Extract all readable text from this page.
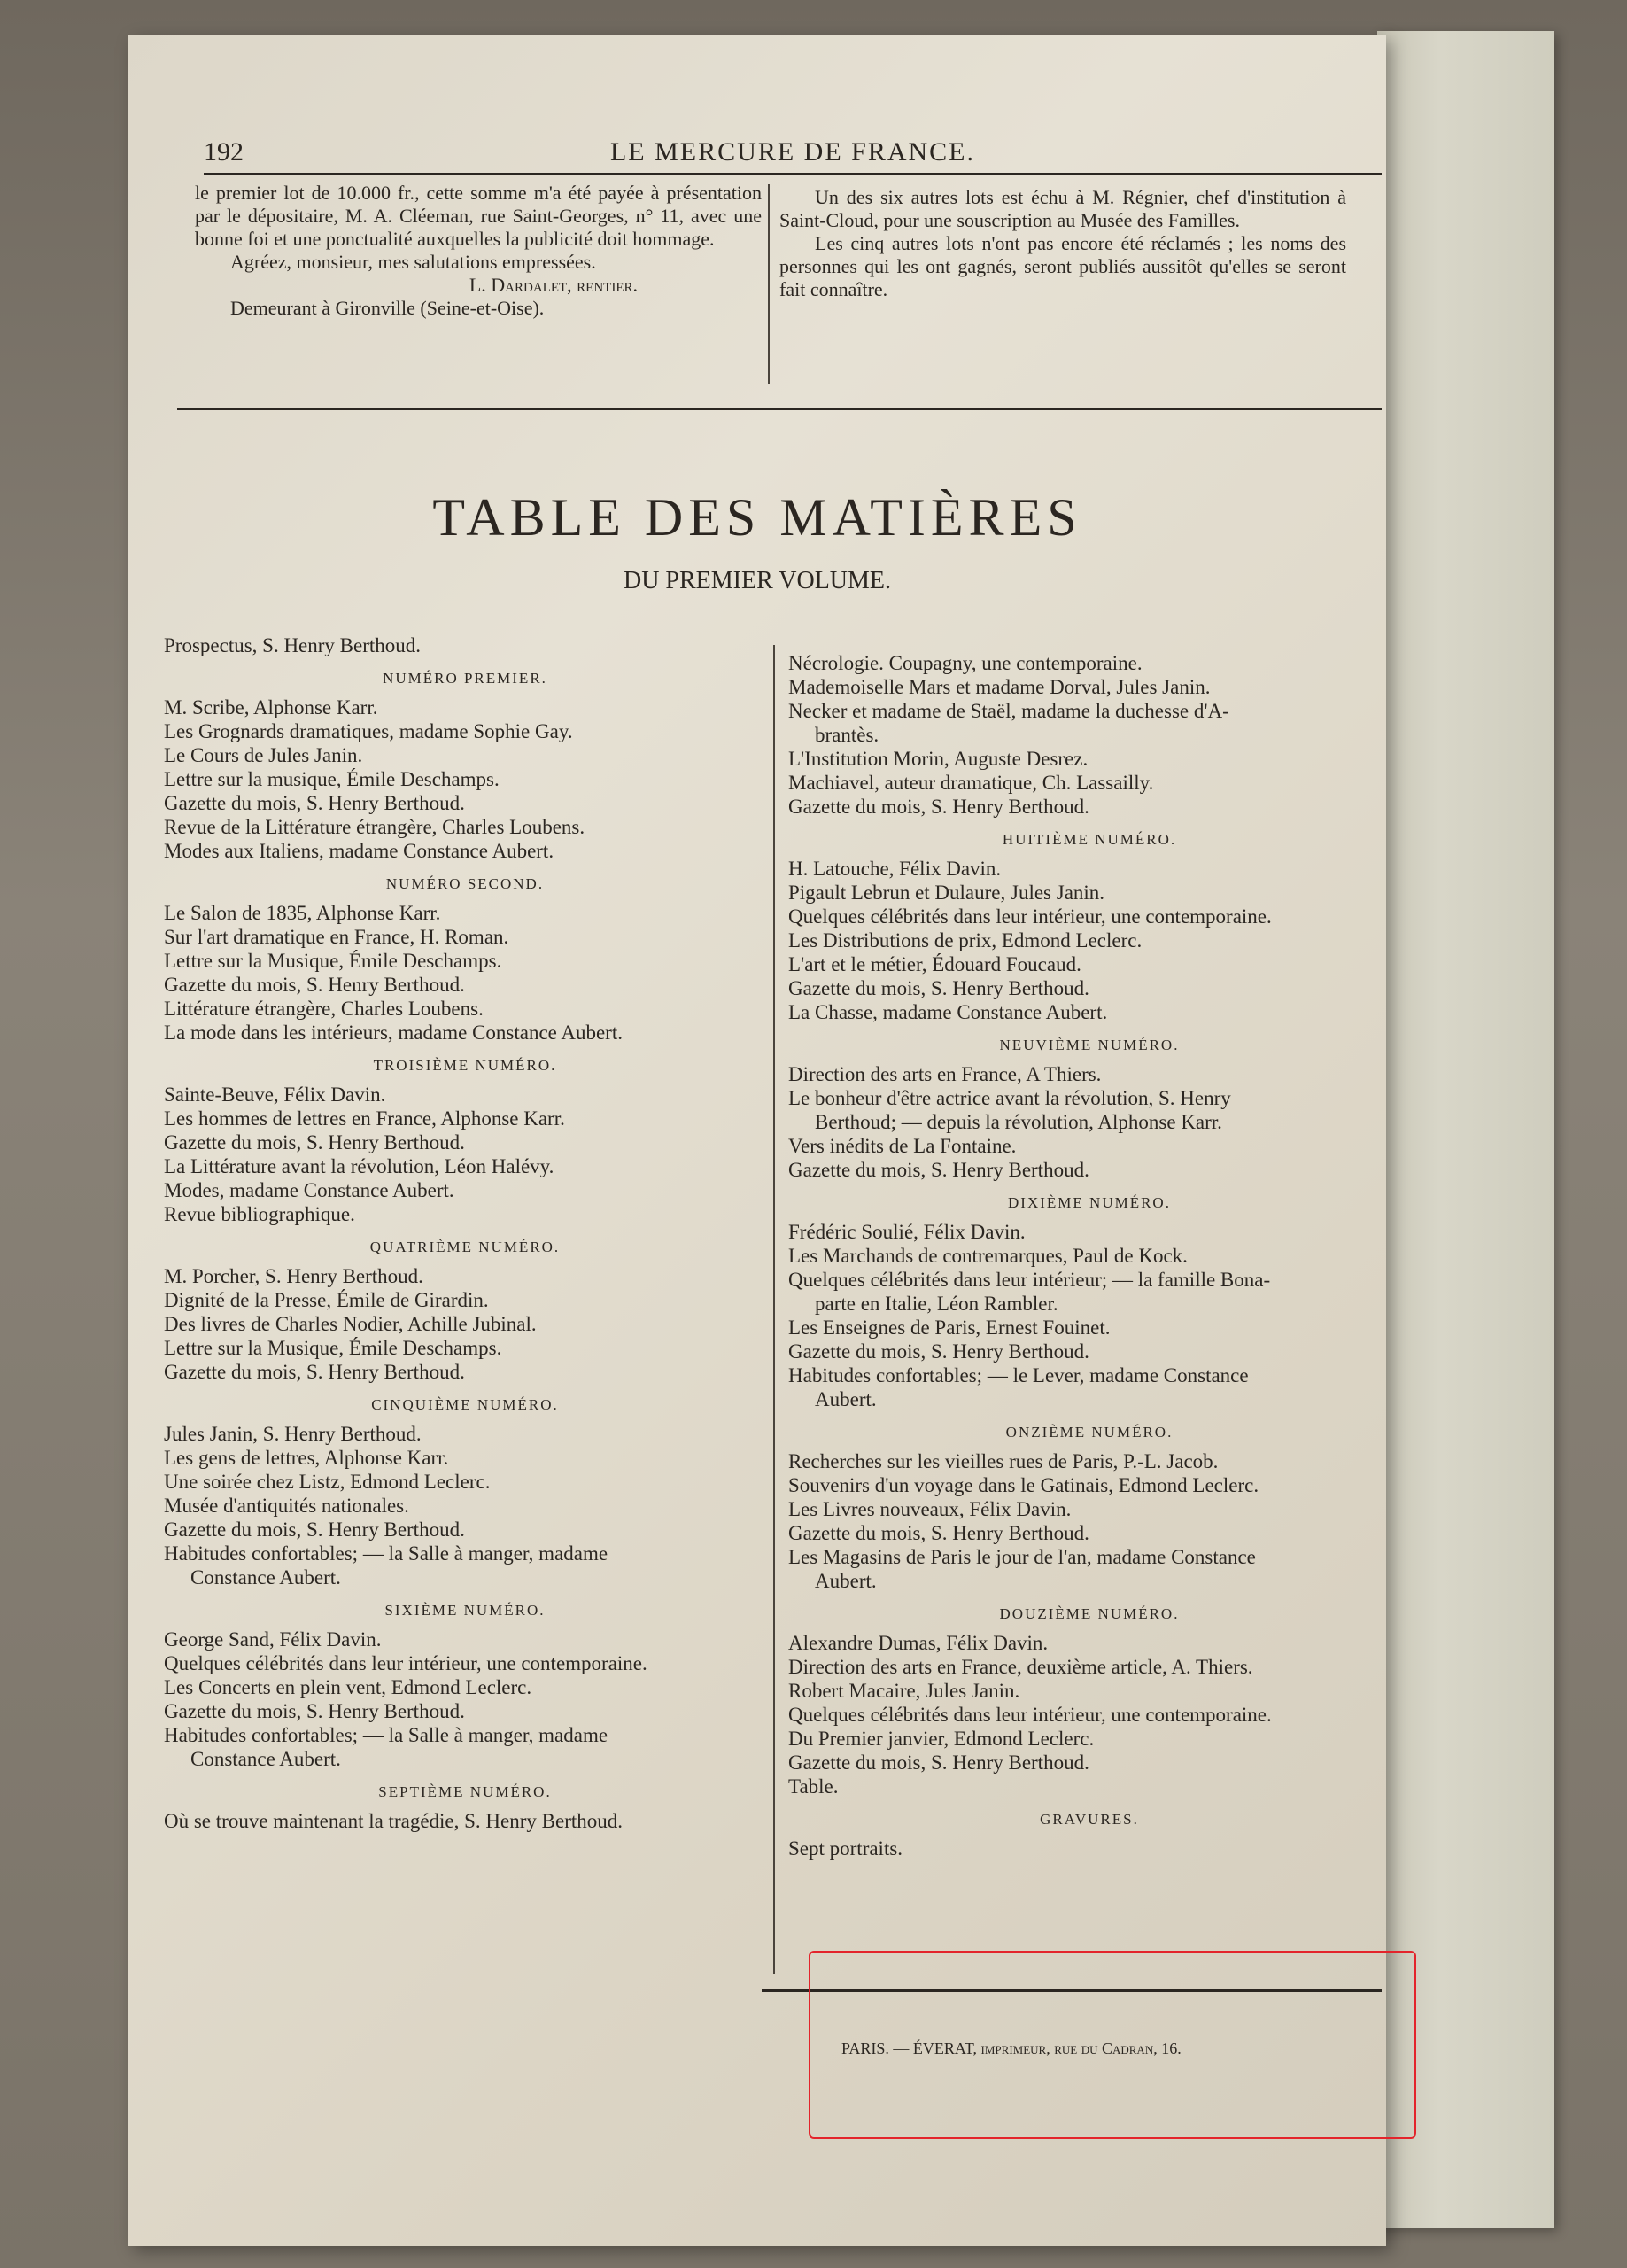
192	LE MERCURE DE FRANCE.

le premier lot de 10.000 fr., cette somme m'a été payée à présentation par le dépositaire, M. A. Cléeman, rue Saint-Georges, n° 11, avec une bonne foi et une ponctualité auxquelles la publicité doit hommage.

Agréez, monsieur, mes salutations empressées.

L. Dardalet, rentier.

Demeurant à Gironville (Seine-et-Oise).

Un des six autres lots est échu à M. Régnier, chef d'institution à Saint-Cloud, pour une souscription au Musée des Familles.

Les cinq autres lots n'ont pas encore été réclamés ; les noms des personnes qui les ont gagnés, seront publiés aussitôt qu'elles se seront fait connaître.

TABLE DES MATIÈRES
DU PREMIER VOLUME.

Prospectus, S. Henry Berthoud.

NUMÉRO PREMIER.

M. Scribe, Alphonse Karr.

Les Grognards dramatiques, madame Sophie Gay.

Le Cours de Jules Janin.

Lettre sur la musique, Émile Deschamps.

Gazette du mois, S. Henry Berthoud.

Revue de la Littérature étrangère, Charles Loubens.

Modes aux Italiens, madame Constance Aubert.

NUMÉRO SECOND.

Le Salon de 1835, Alphonse Karr.

Sur l'art dramatique en France, H. Roman.

Lettre sur la Musique, Émile Deschamps.

Gazette du mois, S. Henry Berthoud.

Littérature étrangère, Charles Loubens.

La mode dans les intérieurs, madame Constance Aubert.

TROISIÈME NUMÉRO.

Sainte-Beuve, Félix Davin.

Les hommes de lettres en France, Alphonse Karr.

Gazette du mois, S. Henry Berthoud.

La Littérature avant la révolution, Léon Halévy.

Modes, madame Constance Aubert.

Revue bibliographique.

QUATRIÈME NUMÉRO.

M. Porcher, S. Henry Berthoud.

Dignité de la Presse, Émile de Girardin.

Des livres de Charles Nodier, Achille Jubinal.

Lettre sur la Musique, Émile Deschamps.

Gazette du mois, S. Henry Berthoud.

CINQUIÈME NUMÉRO.

Jules Janin, S. Henry Berthoud.

Les gens de lettres, Alphonse Karr.

Une soirée chez Listz, Edmond Leclerc.

Musée d'antiquités nationales.

Gazette du mois, S. Henry Berthoud.

Habitudes confortables; — la Salle à manger, madame

Constance Aubert.

SIXIÈME NUMÉRO.

George Sand, Félix Davin.

Quelques célébrités dans leur intérieur, une contemporaine.

Les Concerts en plein vent, Edmond Leclerc.

Gazette du mois, S. Henry Berthoud.

Habitudes confortables; — la Salle à manger, madame

Constance Aubert.

SEPTIÈME NUMÉRO.

Où se trouve maintenant la tragédie, S. Henry Berthoud.

Nécrologie. Coupagny, une contemporaine.

Mademoiselle Mars et madame Dorval, Jules Janin.

Necker et madame de Staël, madame la duchesse d'A-

brantès.

L'Institution Morin, Auguste Desrez.

Machiavel, auteur dramatique, Ch. Lassailly.

Gazette du mois, S. Henry Berthoud.

HUITIÈME NUMÉRO.

H. Latouche, Félix Davin.

Pigault Lebrun et Dulaure, Jules Janin.

Quelques célébrités dans leur intérieur, une contemporaine.

Les Distributions de prix, Edmond Leclerc.

L'art et le métier, Édouard Foucaud.

Gazette du mois, S. Henry Berthoud.

La Chasse, madame Constance Aubert.

NEUVIÈME NUMÉRO.

Direction des arts en France, A Thiers.

Le bonheur d'être actrice avant la révolution, S. Henry

Berthoud; — depuis la révolution, Alphonse Karr.

Vers inédits de La Fontaine.

Gazette du mois, S. Henry Berthoud.

DIXIÈME NUMÉRO.

Frédéric Soulié, Félix Davin.

Les Marchands de contremarques, Paul de Kock.

Quelques célébrités dans leur intérieur; — la famille Bona-

parte en Italie, Léon Rambler.

Les Enseignes de Paris, Ernest Fouinet.

Gazette du mois, S. Henry Berthoud.

Habitudes confortables; — le Lever, madame Constance

Aubert.

ONZIÈME NUMÉRO.

Recherches sur les vieilles rues de Paris, P.-L. Jacob.

Souvenirs d'un voyage dans le Gatinais, Edmond Leclerc.

Les Livres nouveaux, Félix Davin.

Gazette du mois, S. Henry Berthoud.

Les Magasins de Paris le jour de l'an, madame Constance

Aubert.

DOUZIÈME NUMÉRO.

Alexandre Dumas, Félix Davin.

Direction des arts en France, deuxième article, A. Thiers.

Robert Macaire, Jules Janin.

Quelques célébrités dans leur intérieur, une contemporaine.

Du Premier janvier, Edmond Leclerc.

Gazette du mois, S. Henry Berthoud.

Table.

GRAVURES.

Sept portraits.

PARIS. — ÉVERAT, imprimeur, rue du Cadran, 16.
